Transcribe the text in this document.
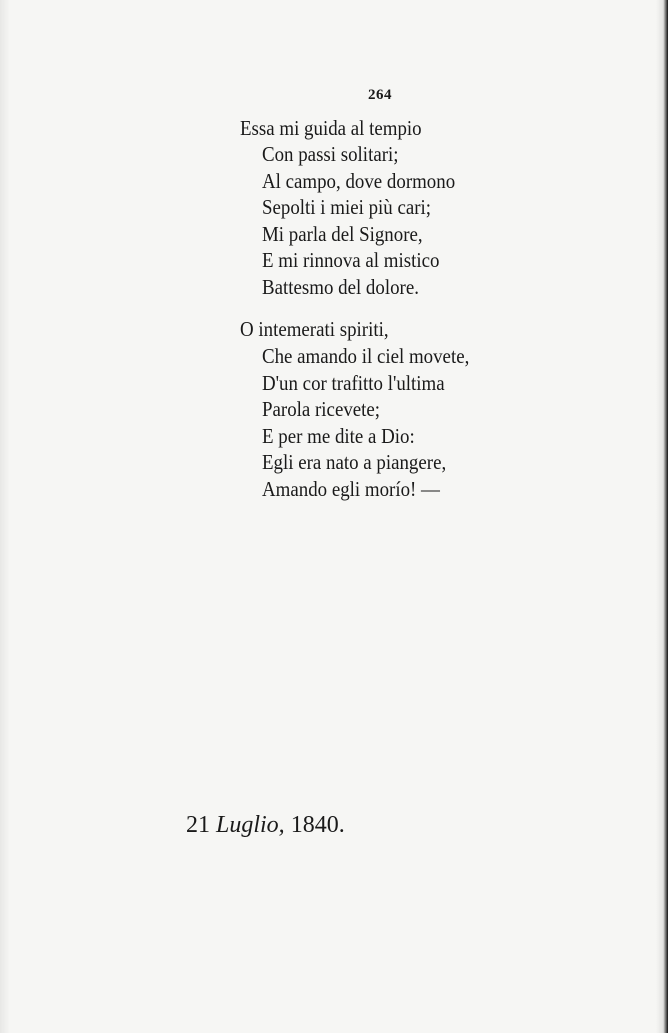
264
Essa mi guida al tempio
Con passi solitari;
Al campo, dove dormono
Sepolti i miei più cari;
Mi parla del Signore,
E mi rinnova al mistico
Battesmo del dolore.
O intemerati spiriti,
Che amando il ciel movete,
D'un cor trafitto l'ultima
Parola ricevete;
E per me dite a Dio:
Egli era nato a piangere,
Amando egli morío! —
21 Luglio, 1840.
